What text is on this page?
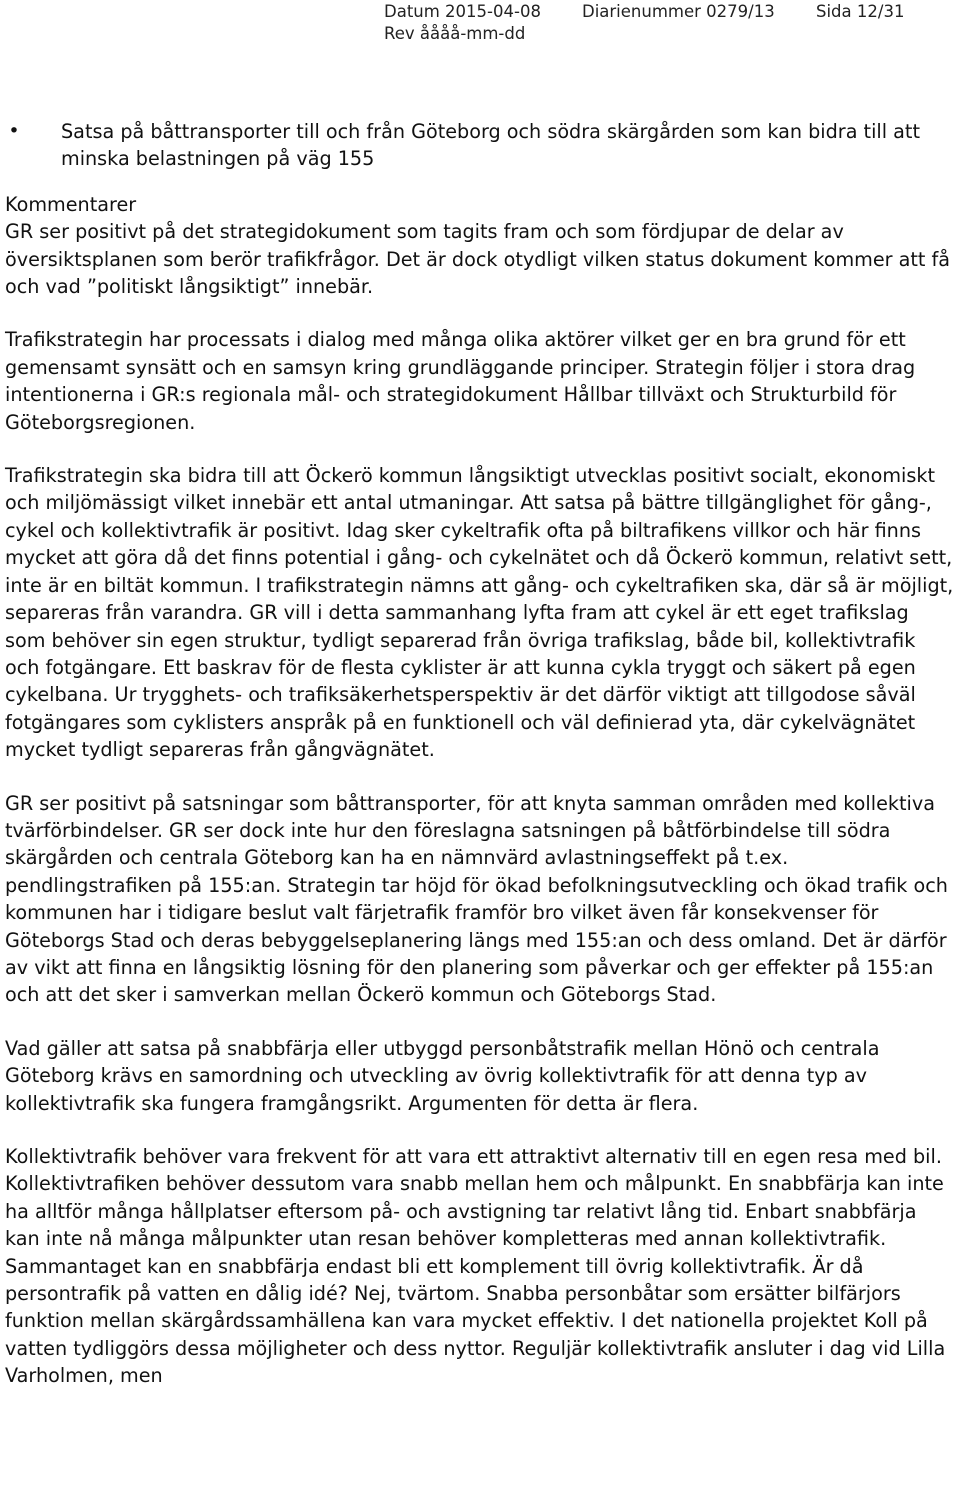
Datum 2015-04-08 Diarienummer 0279/13	Sida 12/31
Rev åååå-mm-dd
• Satsa på båttransporter till och från Göteborg och södra skärgården som kan bidra till att minska belastningen på väg 155

Kommentarer

GR ser positivt på det strategidokument som tagits fram och som fördjupar de delar av översiktsplanen som berör trafikfrågor. Det är dock otydligt vilken status dokument kommer att få och vad ”politiskt långsiktigt” innebär.

Trafikstrategin har processats i dialog med många olika aktörer vilket ger en bra grund för ett gemensamt synsätt och en samsyn kring grundläggande principer. Strategin följer i stora drag intentionerna i GR:s regionala mål- och strategidokument Hållbar tillväxt och Strukturbild för Göteborgsregionen.

Trafikstrategin ska bidra till att Öckerö kommun långsiktigt utvecklas positivt socialt, ekonomiskt och miljömässigt vilket innebär ett antal utmaningar. Att satsa på bättre tillgänglighet för gång-, cykel och kollektivtrafik är positivt. Idag sker cykeltrafik ofta på biltrafikens villkor och här finns mycket att göra då det finns potential i gång- och cykelnätet och då Öckerö kommun, relativt sett, inte är en biltät kommun. I trafikstrategin nämns att gång- och cykeltrafiken ska, där så är möjligt, separeras från varandra. GR vill i detta sammanhang lyfta fram att cykel är ett eget trafikslag som behöver sin egen struktur, tydligt separerad från övriga trafikslag, både bil, kollektivtrafik och fotgängare. Ett baskrav för de flesta cyklister är att kunna cykla tryggt och säkert på egen cykelbana. Ur trygghets- och trafiksäkerhetsperspektiv är det därför viktigt att tillgodose såväl fotgängares som cyklisters anspråk på en funktionell och väl definierad yta, där cykelvägnätet mycket tydligt separeras från gångvägnätet.

GR ser positivt på satsningar som båttransporter, för att knyta samman områden med kollektiva tvärförbindelser. GR ser dock inte hur den föreslagna satsningen på båtförbindelse till södra skärgården och centrala Göteborg kan ha en nämnvärd avlastningseffekt på t.ex. pendlingstrafiken på 155:an. Strategin tar höjd för ökad befolkningsutveckling och ökad trafik och kommunen har i tidigare beslut valt färjetrafik framför bro vilket även får konsekvenser för Göteborgs Stad och deras bebyggelseplanering längs med 155:an och dess omland. Det är därför av vikt att finna en långsiktig lösning för den planering som påverkar och ger effekter på 155:an och att det sker i samverkan mellan Öckerö kommun och Göteborgs Stad.

Vad gäller att satsa på snabbfärja eller utbyggd personbåtstrafik mellan Hönö och centrala Göteborg krävs en samordning och utveckling av övrig kollektivtrafik för att denna typ av kollektivtrafik ska fungera framgångsrikt. Argumenten för detta är flera.

Kollektivtrafik behöver vara frekvent för att vara ett attraktivt alternativ till en egen resa med bil. Kollektivtrafiken behöver dessutom vara snabb mellan hem och målpunkt. En snabbfärja kan inte ha alltför många hållplatser eftersom på- och avstigning tar relativt lång tid. Enbart snabbfärja kan inte nå många målpunkter utan resan behöver kompletteras med annan kollektivtrafik. Sammantaget kan en snabbfärja endast bli ett komplement till övrig kollektivtrafik. Är då persontrafik på vatten en dålig idé? Nej, tvärtom. Snabba personbåtar som ersätter bilfärjors funktion mellan skärgårdssamhällena kan vara mycket effektiv. I det nationella projektet Koll på vatten tydliggörs dessa möjligheter och dess nyttor. Reguljär kollektivtrafik ansluter i dag vid Lilla Varholmen, men
